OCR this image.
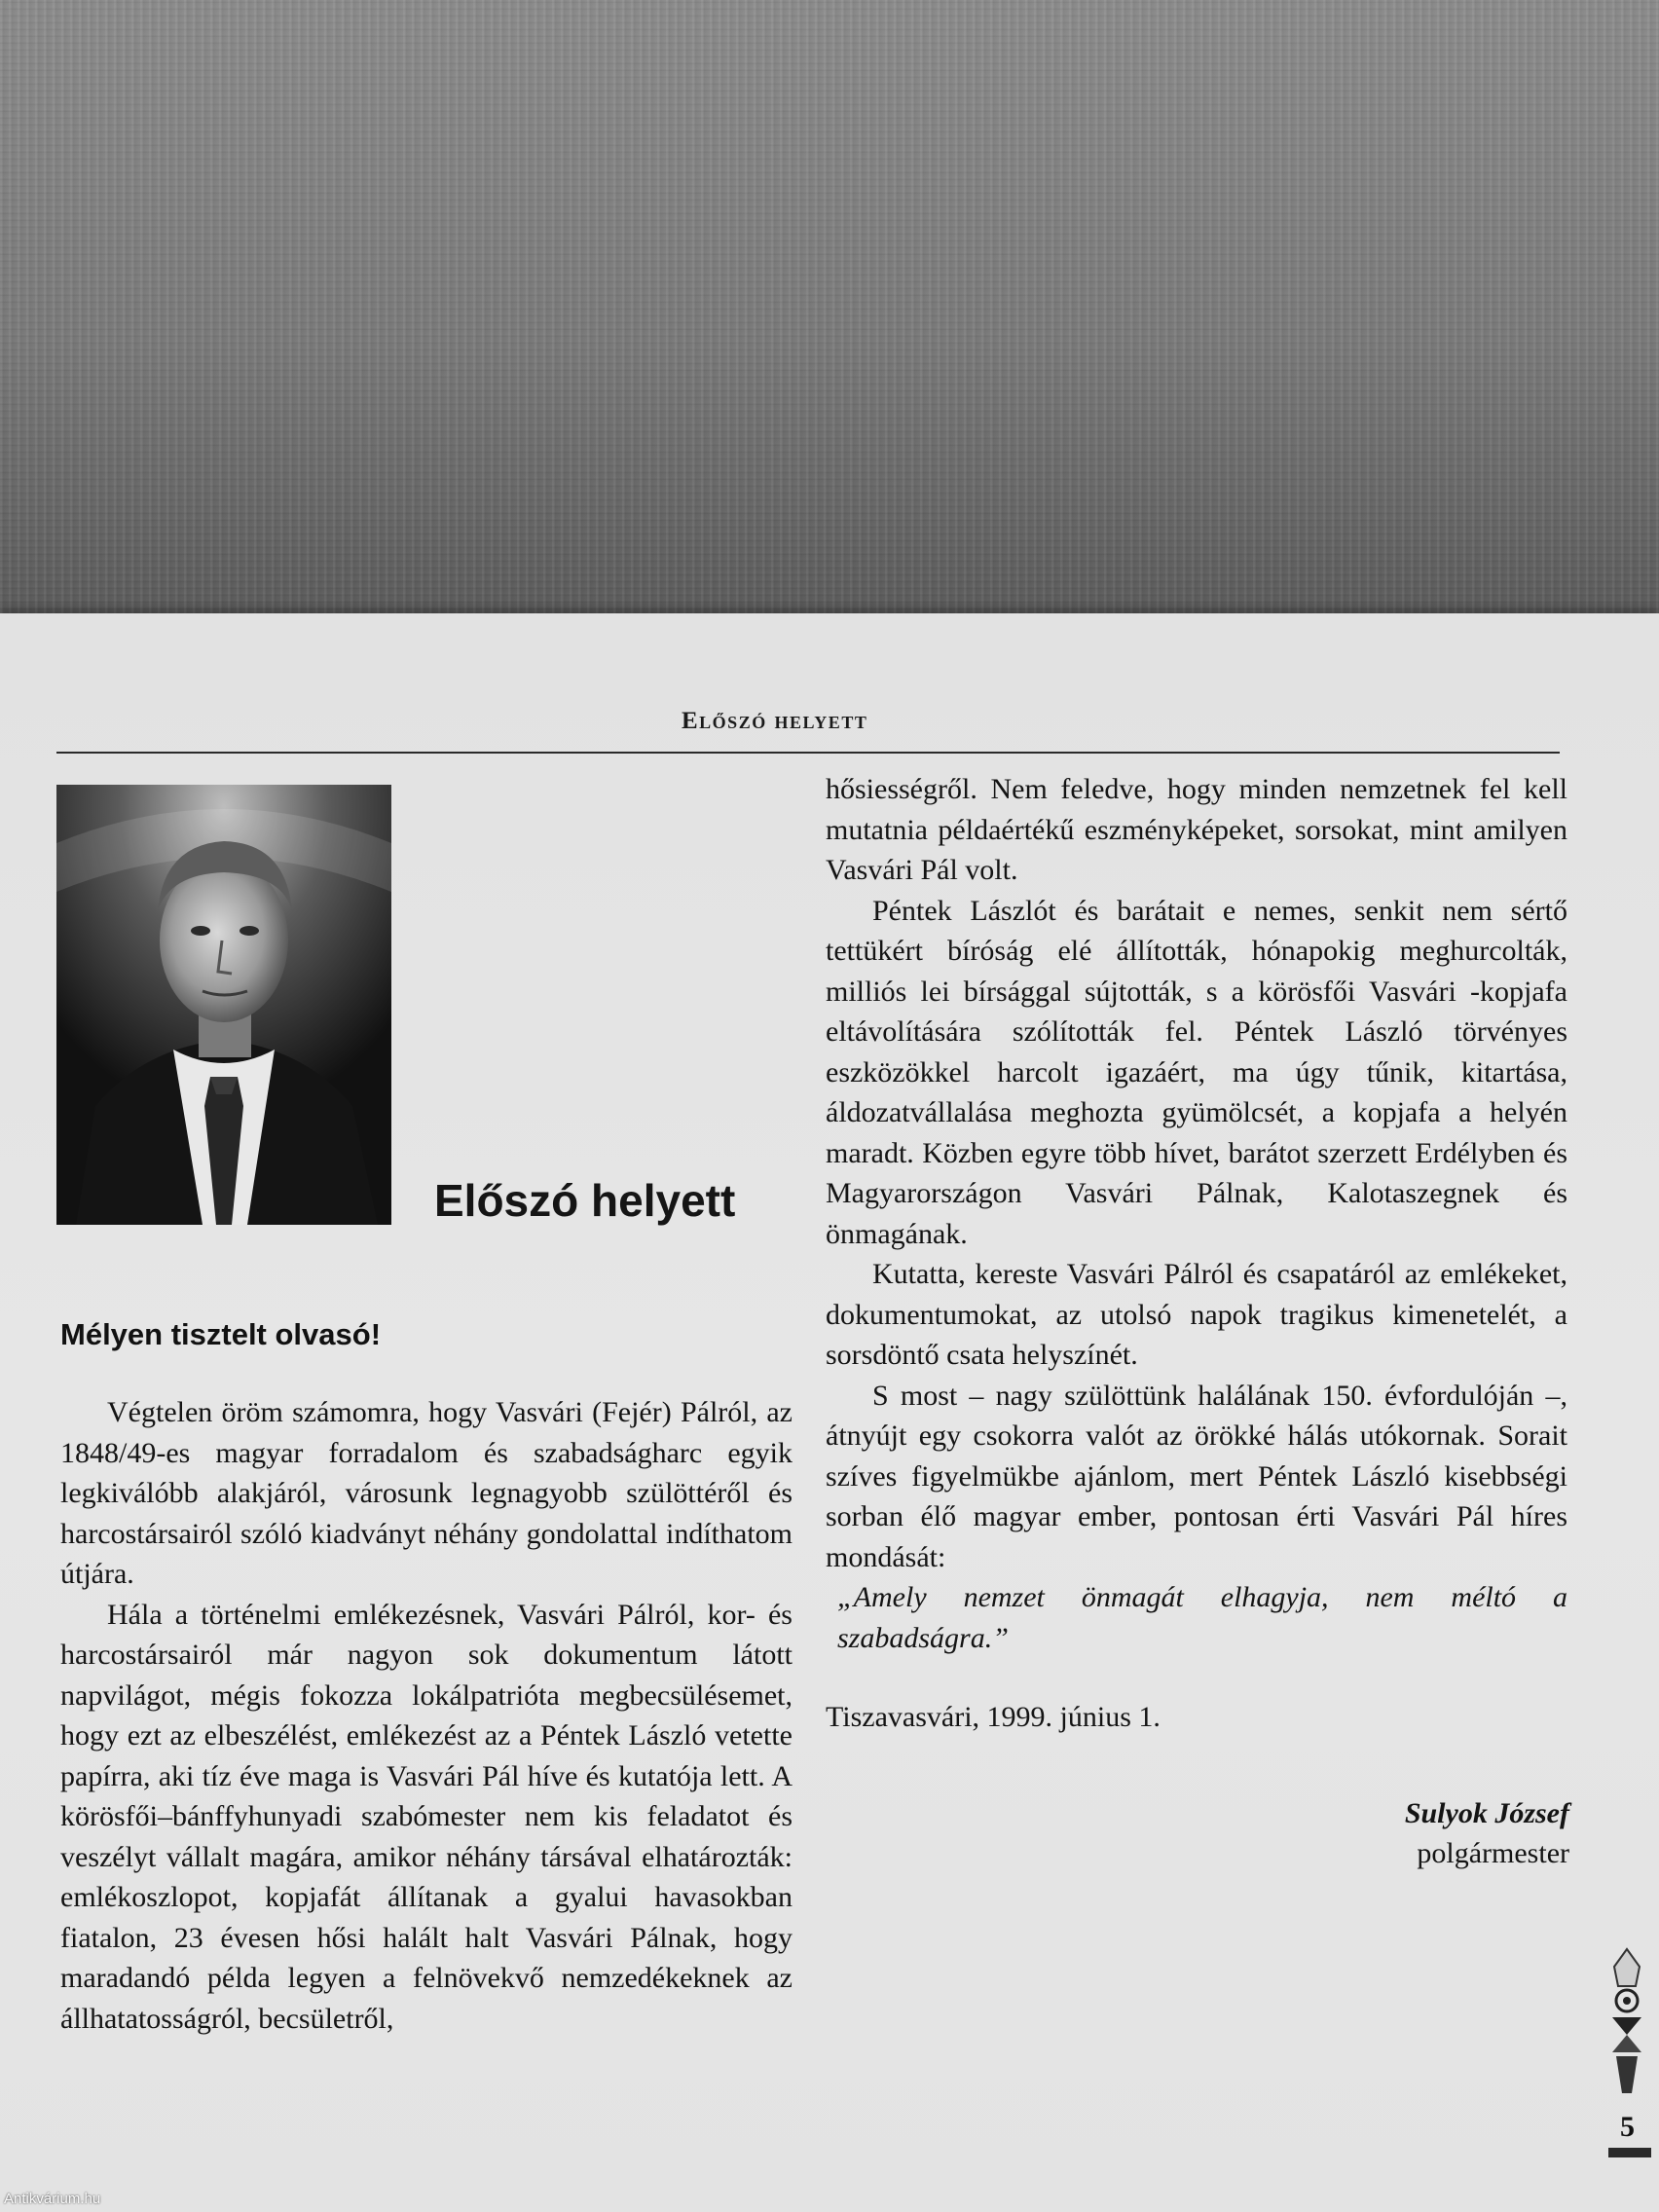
Előszó helyett
Előszó helyett
Mélyen tisztelt olvasó!

Végtelen öröm számomra, hogy Vasvári (Fejér) Pálról, az 1848/49-es magyar forradalom és szabadságharc egyik legkiválóbb alakjáról, városunk legnagyobb szülöttéről és harcostársairól szóló kiadványt néhány gondolattal indíthatom útjára.

Hála a történelmi emlékezésnek, Vasvári Pálról, kor- és harcostársairól már nagyon sok dokumentum látott napvilágot, mégis fokozza lokálpatrióta megbecsülésemet, hogy ezt az elbeszélést, emlékezést az a Péntek László vetette papírra, aki tíz éve maga is Vasvári Pál híve és kutatója lett. A körösfői–bánffyhunyadi szabómester nem kis feladatot és veszélyt vállalt magára, amikor néhány társával elhatározták: emlékoszlopot, kopjafát állítanak a gyalui havasokban fiatalon, 23 évesen hősi halált halt Vasvári Pálnak, hogy maradandó példa legyen a felnövekvő nemzedékeknek az állhatatosságról, becsületről,

hősiességről. Nem feledve, hogy minden nemzetnek fel kell mutatnia példaértékű eszményképeket, sorsokat, mint amilyen Vasvári Pál volt.

Péntek Lászlót és barátait e nemes, senkit nem sértő tettükért bíróság elé állították, hónapokig meghurcolták, milliós lei bírsággal sújtották, s a körösfői Vasvári -kopjafa eltávolítására szólították fel. Péntek László törvényes eszközökkel harcolt igazáért, ma úgy tűnik, kitartása, áldozatvállalása meghozta gyümölcsét, a kopjafa a helyén maradt. Közben egyre több hívet, barátot szerzett Erdélyben és Magyarországon Vasvári Pálnak, Kalotaszegnek és önmagának.

Kutatta, kereste Vasvári Pálról és csapatáról az emlékeket, dokumentumokat, az utolsó napok tragikus kimenetelét, a sorsdöntő csata helyszínét.

S most – nagy szülöttünk halálának 150. évfordulóján –, átnyújt egy csokorra valót az örökké hálás utókornak. Sorait szíves figyelmükbe ajánlom, mert Péntek László kisebbségi sorban élő magyar ember, pontosan érti Vasvári Pál híres mondását:

„Amely nemzet önmagát elhagyja, nem méltó a szabadságra.”

Tiszavasvári, 1999. június 1.

Sulyok József
polgármester
5
Antikvárium.hu
